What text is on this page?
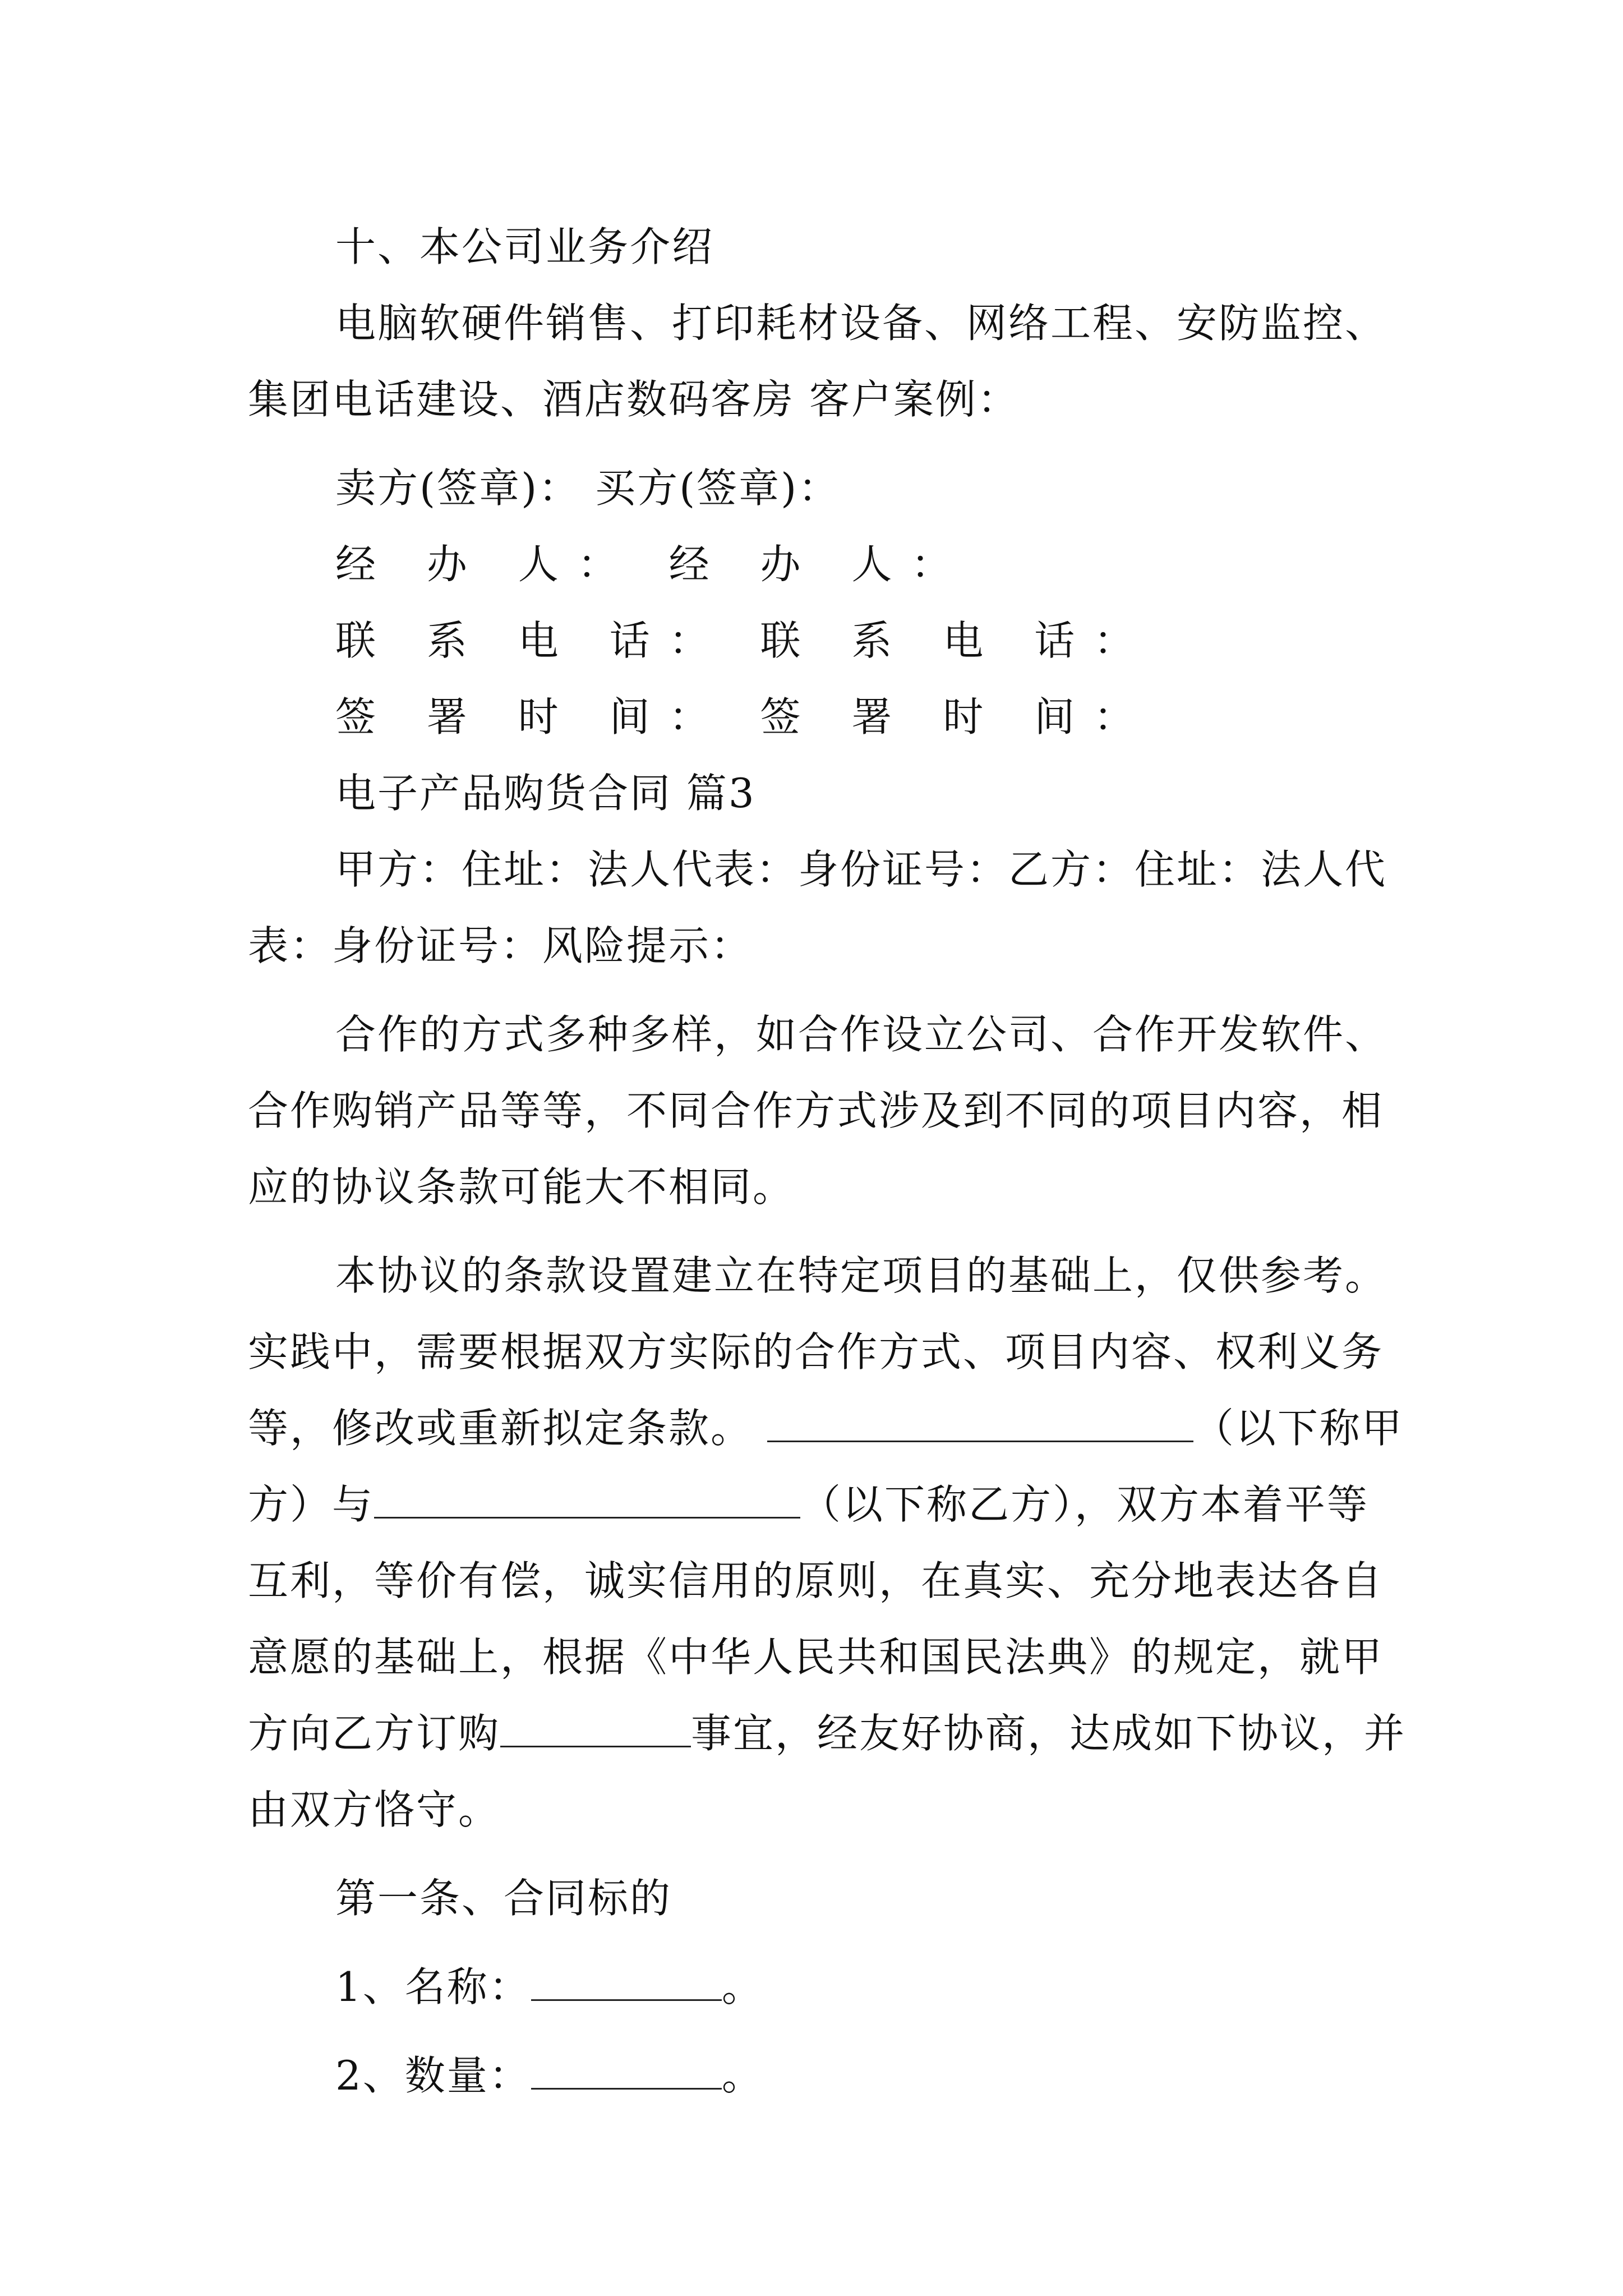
十、本公司业务介绍

电脑软硬件销售、打印耗材设备、网络工程、安防监控、集团电话建设、酒店数码客房 客户案例：

卖方(签章)： 买方(签章)：

经 办 人： 经 办 人：

联 系 电 话： 联 系 电 话：

签 署 时 间： 签 署 时 间：

电子产品购货合同 篇3

甲方：住址：法人代表：身份证号：乙方：住址：法人代表：身份证号：风险提示：

合作的方式多种多样，如合作设立公司、合作开发软件、合作购销产品等等，不同合作方式涉及到不同的项目内容，相应的协议条款可能大不相同。

本协议的条款设置建立在特定项目的基础上，仅供参考。实践中，需要根据双方实际的合作方式、项目内容、权利义务等，修改或重新拟定条款。	（以下称甲方）与	（以下称乙方），双方本着平等互利，等价有偿，诚实信用的原则，在真实、充分地表达各自意愿的基础上，根据《中华人民共和国民法典》的规定，就甲方向乙方订购	事宜，经友好协商，达成如下协议，并由双方恪守。

第一条、合同标的

1、名称：	。

2、数量：	。
